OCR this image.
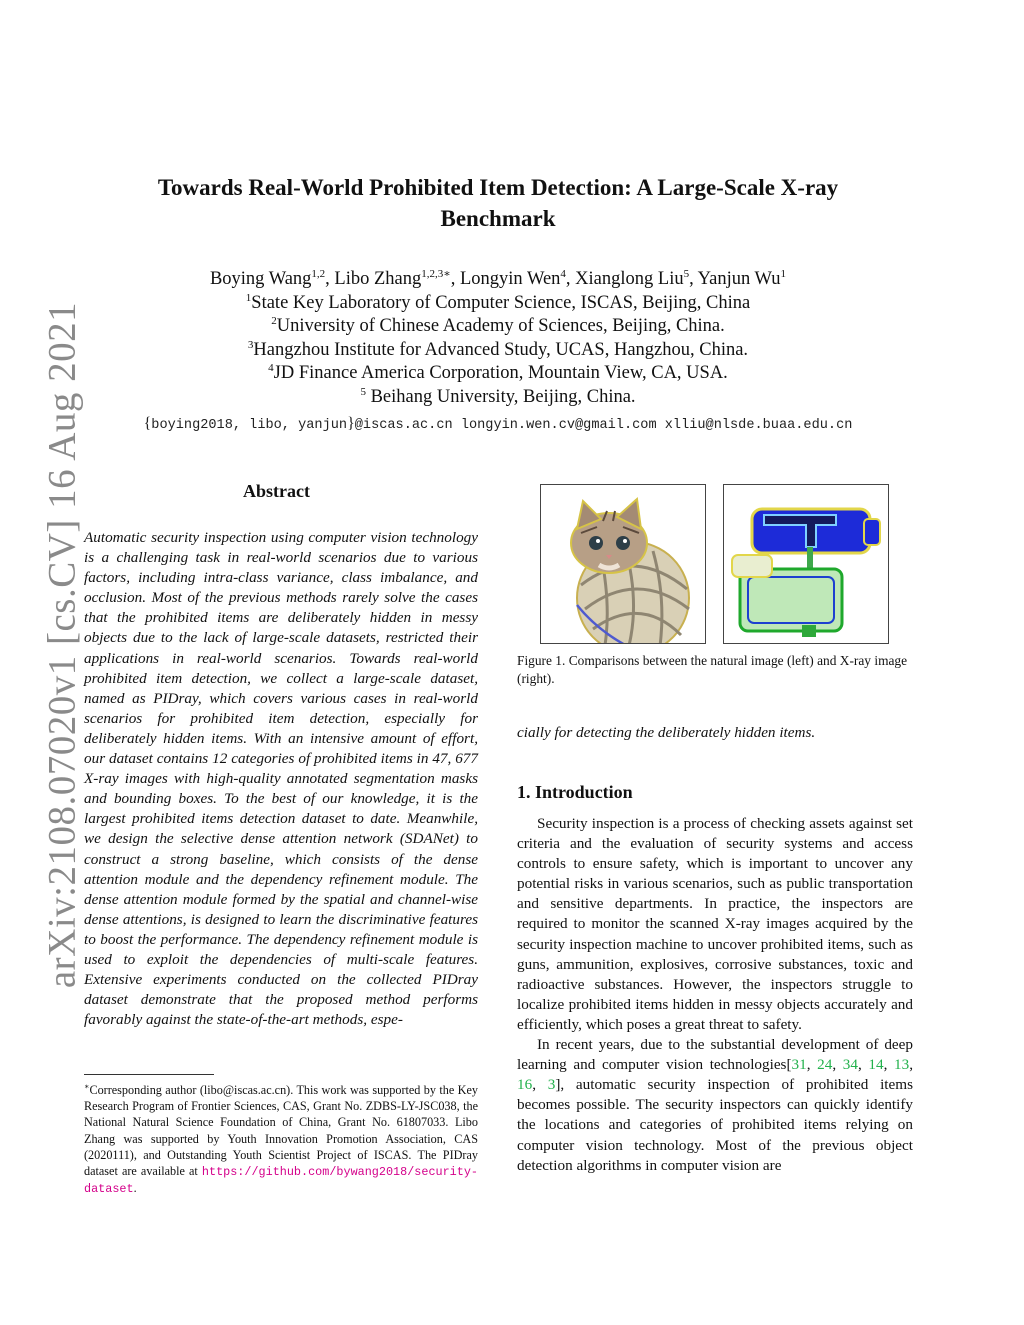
arXiv:2108.07020v1 [cs.CV] 16 Aug 2021
Towards Real-World Prohibited Item Detection: A Large-Scale X-ray Benchmark
Boying Wang$^{1,2}$, Libo Zhang$^{1,2,3∗}$, Longyin Wen$^4$, Xianglong Liu$^5$, Yanjun Wu$^1$
$^1$State Key Laboratory of Computer Science, ISCAS, Beijing, China
$^2$University of Chinese Academy of Sciences, Beijing, China.
$^3$Hangzhou Institute for Advanced Study, UCAS, Hangzhou, China.
$^4$JD Finance America Corporation, Mountain View, CA, USA.
$^5$ Beihang University, Beijing, China.
{boying2018, libo, yanjun}@iscas.ac.cn longyin.wen.cv@gmail.com xlliu@nlsde.buaa.edu.cn
Abstract
Automatic security inspection using computer vision technology is a challenging task in real-world scenarios due to various factors, including intra-class variance, class imbalance, and occlusion. Most of the previous methods rarely solve the cases that the prohibited items are deliberately hidden in messy objects due to the lack of large-scale datasets, restricted their applications in real-world scenarios. Towards real-world prohibited item detection, we collect a large-scale dataset, named as PIDray, which covers various cases in real-world scenarios for prohibited item detection, especially for deliberately hidden items. With an intensive amount of effort, our dataset contains 12 categories of prohibited items in 47, 677 X-ray images with high-quality annotated segmentation masks and bounding boxes. To the best of our knowledge, it is the largest prohibited items detection dataset to date. Meanwhile, we design the selective dense attention network (SDANet) to construct a strong baseline, which consists of the dense attention module and the dependency refinement module. The dense attention module formed by the spatial and channel-wise dense attentions, is designed to learn the discriminative features to boost the performance. The dependency refinement module is used to exploit the dependencies of multi-scale features. Extensive experiments conducted on the collected PIDray dataset demonstrate that the proposed method performs favorably against the state-of-the-art methods, espe-
∗Corresponding author (libo@iscas.ac.cn). This work was supported by the Key Research Program of Frontier Sciences, CAS, Grant No. ZDBS-LY-JSC038, the National Natural Science Foundation of China, Grant No. 61807033. Libo Zhang was supported by Youth Innovation Promotion Association, CAS (2020111), and Outstanding Youth Scientist Project of ISCAS. The PIDray dataset are available at https://github.com/bywang2018/security-dataset.
Figure 1. Comparisons between the natural image (left) and X-ray image (right).
cially for detecting the deliberately hidden items.
1. Introduction

Security inspection is a process of checking assets against set criteria and the evaluation of security systems and access controls to ensure safety, which is important to uncover any potential risks in various scenarios, such as public transportation and sensitive departments. In practice, the inspectors are required to monitor the scanned X-ray images acquired by the security inspection machine to uncover prohibited items, such as guns, ammunition, explosives, corrosive substances, toxic and radioactive substances. However, the inspectors struggle to localize prohibited items hidden in messy objects accurately and efficiently, which poses a great threat to safety.

In recent years, due to the substantial development of deep learning and computer vision technologies[31, 24, 34, 14, 13, 16, 3], automatic security inspection of prohibited items becomes possible. The security inspectors can quickly identify the locations and categories of prohibited items relying on computer vision technology. Most of the previous object detection algorithms in computer vision are
